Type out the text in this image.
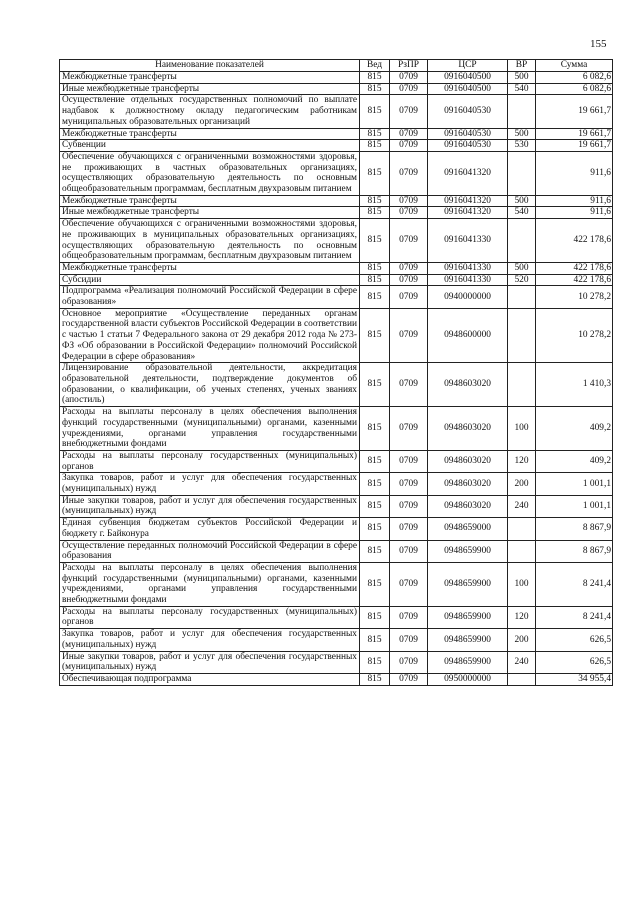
155
Наименование показателей	Вед	РзПР	ЦСР	ВР	Сумма
Межбюджетные трансферты	815	0709	0916040500	500	6 082,6
Иные межбюджетные трансферты	815	0709	0916040500	540	6 082,6
Осуществление отдельных государственных полномочий по выплате надбавок к должностному окладу педагогическим работникам муниципальных образовательных организаций	815	0709	0916040530		19 661,7
Межбюджетные трансферты	815	0709	0916040530	500	19 661,7
Субвенции	815	0709	0916040530	530	19 661,7
Обеспечение обучающихся с ограниченными возможностями здоровья, не проживающих в частных образовательных организациях, осуществляющих образовательную деятельность по основным общеобразовательным программам, бесплатным двухразовым питанием	815	0709	0916041320		911,6
Межбюджетные трансферты	815	0709	0916041320	500	911,6
Иные межбюджетные трансферты	815	0709	0916041320	540	911,6
Обеспечение обучающихся с ограниченными возможностями здоровья, не проживающих в муниципальных образовательных организациях, осуществляющих образовательную деятельность по основным общеобразовательным программам, бесплатным двухразовым питанием	815	0709	0916041330		422 178,6
Межбюджетные трансферты	815	0709	0916041330	500	422 178,6
Субсидии	815	0709	0916041330	520	422 178,6
Подпрограмма «Реализация полномочий Российской Федерации в сфере образования»	815	0709	0940000000		10 278,2
Основное мероприятие «Осуществление переданных органам государственной власти субъектов Российской Федерации в соответствии с частью 1 статьи 7 Федерального закона от 29 декабря 2012 года № 273-ФЗ «Об образовании в Российской Федерации» полномочий Российской Федерации в сфере образования»	815	0709	0948600000		10 278,2
Лицензирование образовательной деятельности, аккредитация образовательной деятельности, подтверждение документов об образовании, о квалификации, об ученых степенях, ученых званиях (апостиль)	815	0709	0948603020		1 410,3
Расходы на выплаты персоналу в целях обеспечения выполнения функций государственными (муниципальными) органами, казенными учреждениями, органами управления государственными внебюджетными фондами	815	0709	0948603020	100	409,2
Расходы на выплаты персоналу государственных (муниципальных) органов	815	0709	0948603020	120	409,2
Закупка товаров, работ и услуг для обеспечения государственных (муниципальных) нужд	815	0709	0948603020	200	1 001,1
Иные закупки товаров, работ и услуг для обеспечения государственных (муниципальных) нужд	815	0709	0948603020	240	1 001,1
Единая субвенция бюджетам субъектов Российской Федерации и бюджету г. Байконура	815	0709	0948659000		8 867,9
Осуществление переданных полномочий Российской Федерации в сфере образования	815	0709	0948659900		8 867,9
Расходы на выплаты персоналу в целях обеспечения выполнения функций государственными (муниципальными) органами, казенными учреждениями, органами управления государственными внебюджетными фондами	815	0709	0948659900	100	8 241,4
Расходы на выплаты персоналу государственных (муниципальных) органов	815	0709	0948659900	120	8 241,4
Закупка товаров, работ и услуг для обеспечения государственных (муниципальных) нужд	815	0709	0948659900	200	626,5
Иные закупки товаров, работ и услуг для обеспечения государственных (муниципальных) нужд	815	0709	0948659900	240	626,5
Обеспечивающая подпрограмма	815	0709	0950000000		34 955,4
